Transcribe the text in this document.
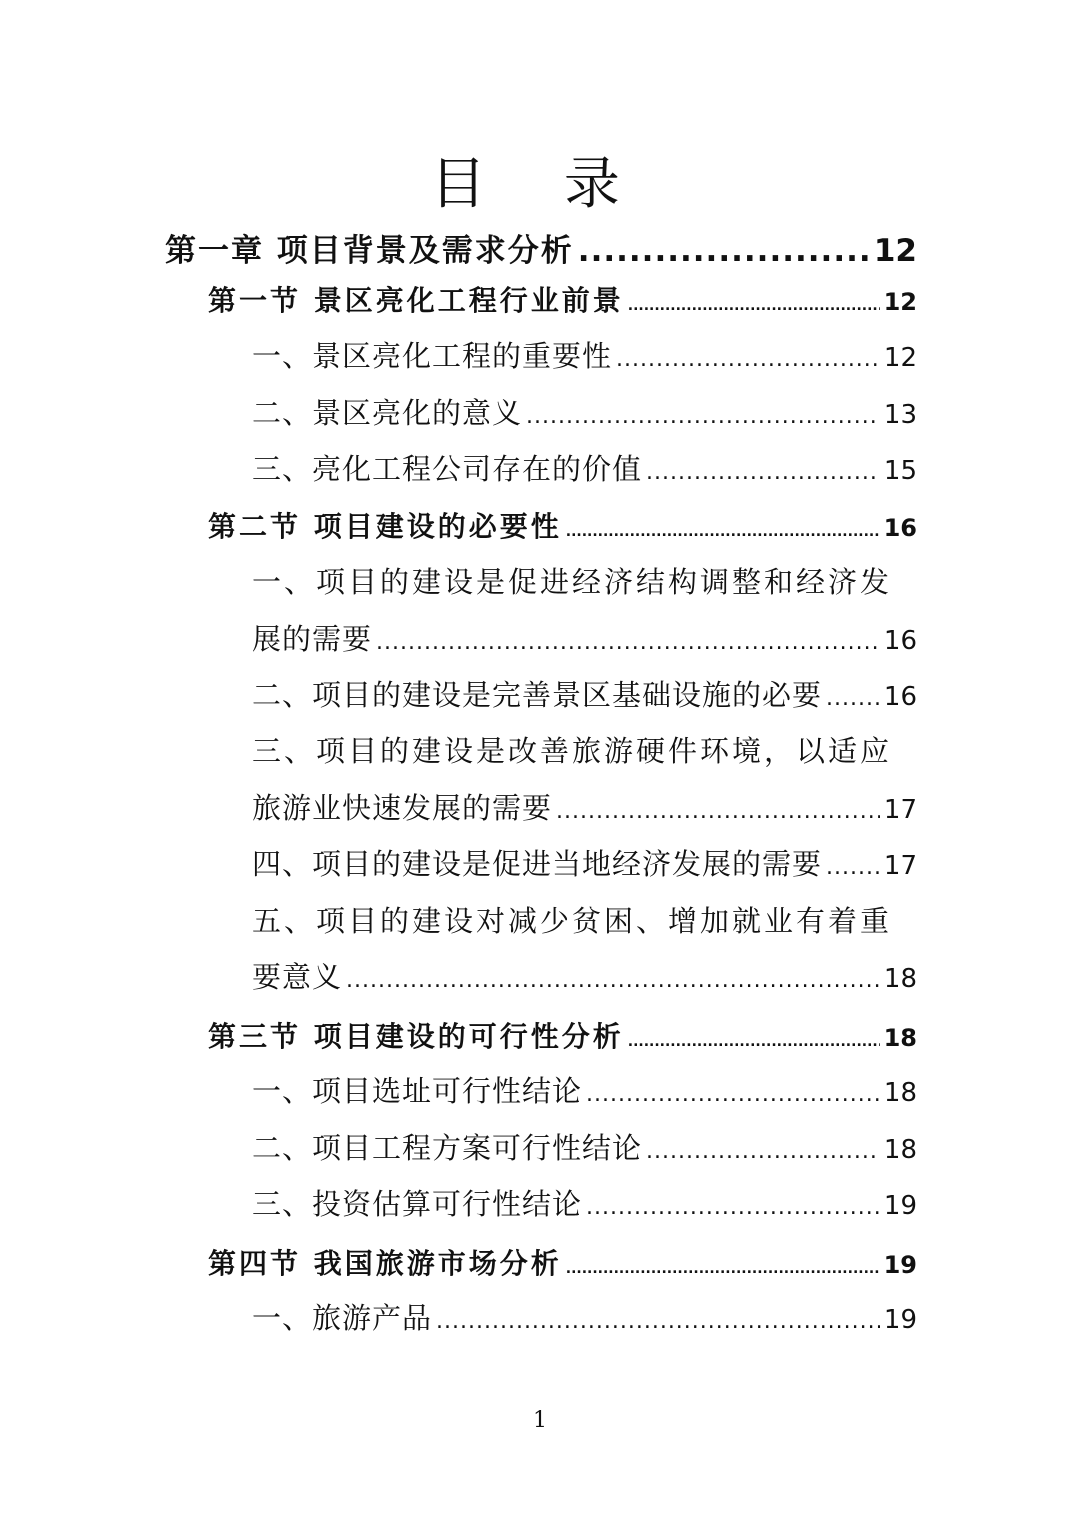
目 录
第一章 项目背景及需求分析 .....	12
第一节 景区亮化工程行业前景 .....	12
一、景区亮化工程的重要性 .....	12
二、景区亮化的意义 .....	13
三、亮化工程公司存在的价值 .....	15
第二节 项目建设的必要性 .....	16
一、项目的建设是促进经济结构调整和经济发
展的需要 .....	16
二、项目的建设是完善景区基础设施的必要 ..... 16
三、项目的建设是改善旅游硬件环境，以适应
旅游业快速发展的需要 .....	17
四、项目的建设是促进当地经济发展的需要 ..... 17
五、项目的建设对减少贫困、增加就业有着重
要意义 .....	18
第三节 项目建设的可行性分析 .....	18
一、项目选址可行性结论 .....	18
二、项目工程方案可行性结论 .....	18
三、投资估算可行性结论 .....	19
第四节 我国旅游市场分析 .....	19
一、旅游产品 .....	19
1
